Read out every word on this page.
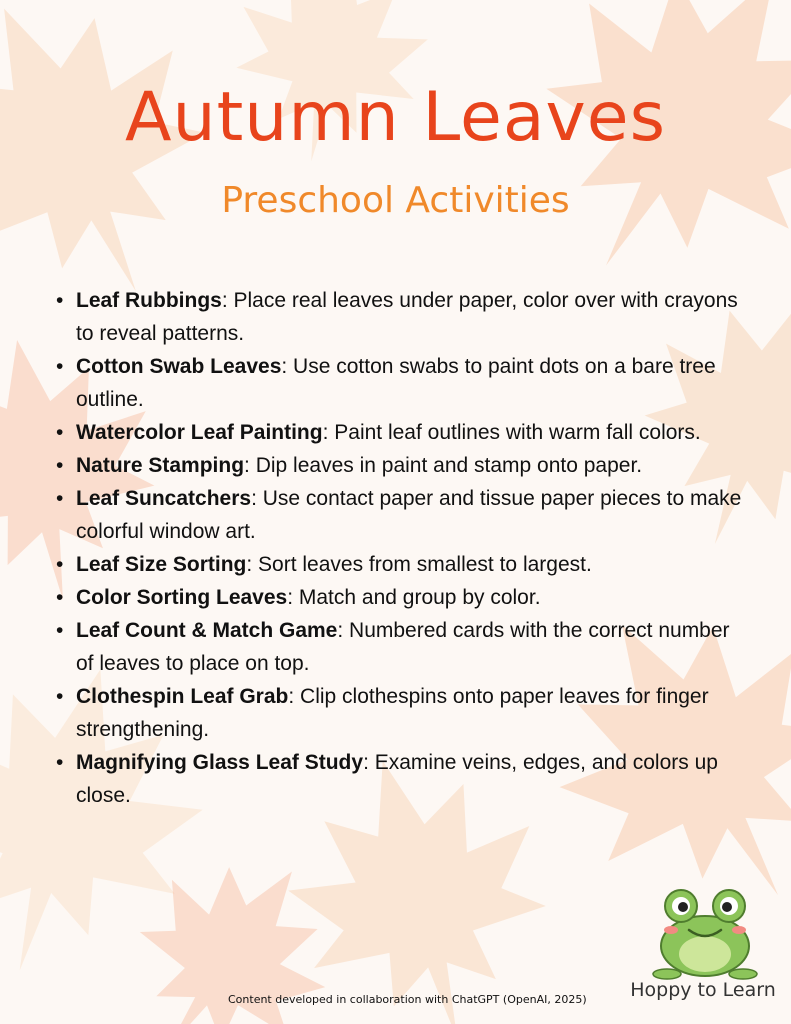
Autumn Leaves
Preschool Activities
• Leaf Rubbings: Place real leaves under paper, color over with crayons to reveal patterns.
• Cotton Swab Leaves: Use cotton swabs to paint dots on a bare tree outline.
• Watercolor Leaf Painting: Paint leaf outlines with warm fall colors.
• Nature Stamping: Dip leaves in paint and stamp onto paper.
• Leaf Suncatchers: Use contact paper and tissue paper pieces to make colorful window art.
• Leaf Size Sorting: Sort leaves from smallest to largest.
• Color Sorting Leaves: Match and group by color.
• Leaf Count & Match Game: Numbered cards with the correct number of leaves to place on top.
• Clothespin Leaf Grab: Clip clothespins onto paper leaves for finger strengthening.
• Magnifying Glass Leaf Study: Examine veins, edges, and colors up close.
Content developed in collaboration with ChatGPT (OpenAI, 2025)	Hoppy to Learn
